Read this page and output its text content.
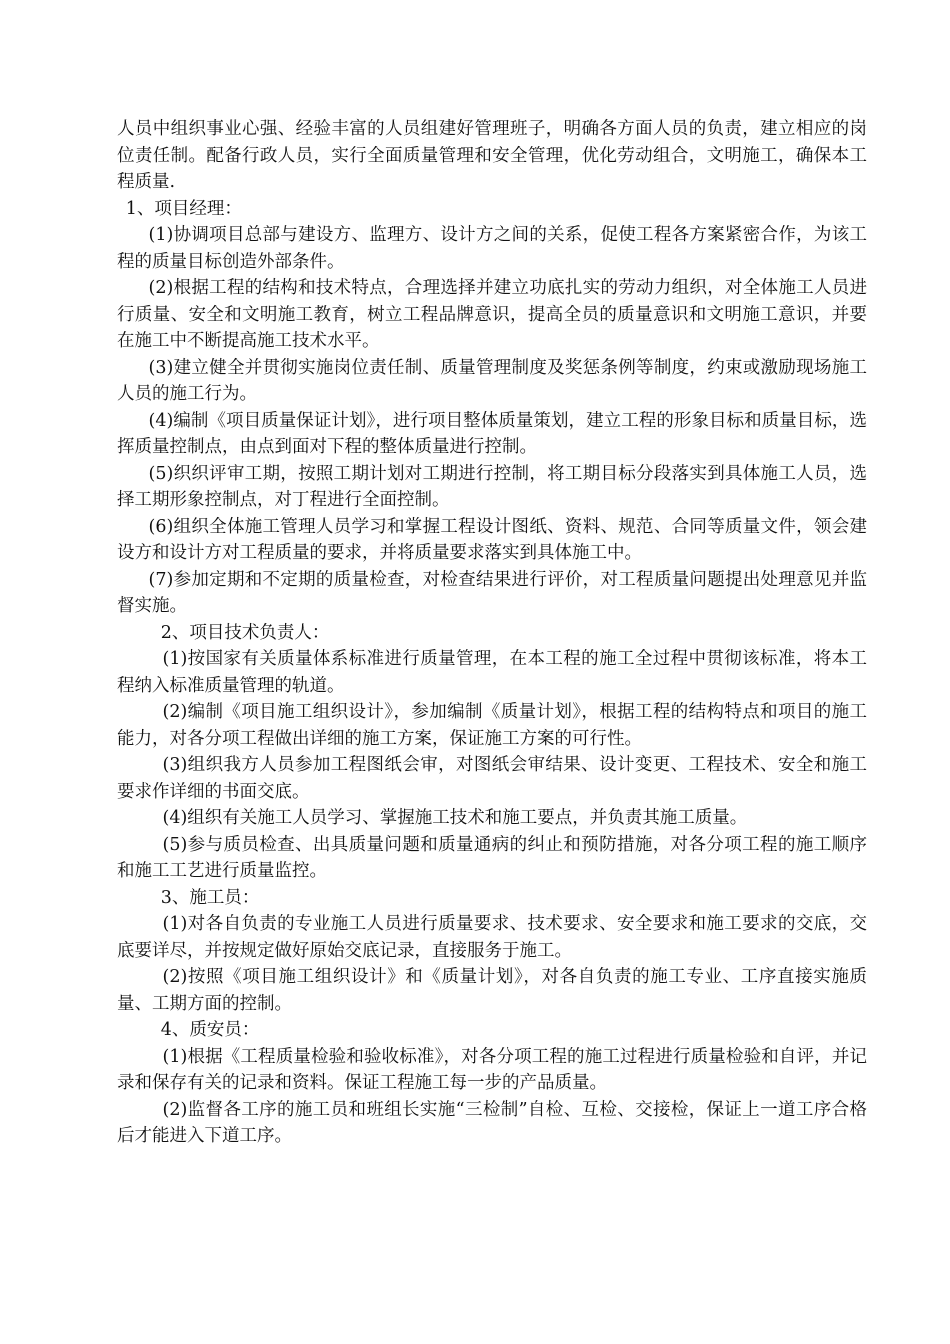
人员中组织事业心强、经验丰富的人员组建好管理班子，明确各方面人员的负责，建立相应的岗位责任制。配备行政人员，实行全面质量管理和安全管理，优化劳动组合，文明施工，确保本工程质量.

1、项目经理：

(1)协调项目总部与建设方、监理方、设计方之间的关系，促使工程各方案紧密合作，为该工程的质量目标创造外部条件。

(2)根据工程的结构和技术特点，合理选择并建立功底扎实的劳动力组织，对全体施工人员进行质量、安全和文明施工教育，树立工程品牌意识，提高全员的质量意识和文明施工意识，并要在施工中不断提高施工技术水平。

(3)建立健全并贯彻实施岗位责任制、质量管理制度及奖惩条例等制度，约束或激励现场施工人员的施工行为。

(4)编制《项目质量保证计划》，进行项目整体质量策划，建立工程的形象目标和质量目标，选挥质量控制点，由点到面对下程的整体质量进行控制。

(5)织织评审工期，按照工期计划对工期进行控制，将工期目标分段落实到具体施工人员，选择工期形象控制点，对丁程进行全面控制。

(6)组织全体施工管理人员学习和掌握工程设计图纸、资料、规范、合同等质量文件，领会建设方和设计方对工程质量的要求，并将质量要求落实到具体施工中。

(7)参加定期和不定期的质量检查，对检查结果进行评价，对工程质量问题提出处理意见并监督实施。

2、项目技术负责人：

(1)按国家有关质量体系标准进行质量管理，在本工程的施工全过程中贯彻该标准，将本工程纳入标准质量管理的轨道。

(2)编制《项目施工组织设计》，参加编制《质量计划》，根据工程的结构特点和项目的施工能力，对各分项工程做出详细的施工方案，保证施工方案的可行性。

(3)组织我方人员参加工程图纸会审，对图纸会审结果、设计变更、工程技术、安全和施工要求作详细的书面交底。

(4)组织有关施工人员学习、掌握施工技术和施工要点，并负责其施工质量。

(5)参与质员检查、出具质量问题和质量通病的纠止和预防措施，对各分项工程的施工顺序和施工工艺进行质量监控。

3、施工员：

(1)对各自负责的专业施工人员进行质量要求、技术要求、安全要求和施工要求的交底，交底要详尽，并按规定做好原始交底记录，直接服务于施工。

(2)按照《项目施工组织设计》和《质量计划》，对各自负责的施工专业、工序直接实施质量、工期方面的控制。

4、质安员：

(1)根据《工程质量检验和验收标准》，对各分项工程的施工过程进行质量检验和自评，并记录和保存有关的记录和资料。保证工程施工每一步的产品质量。

(2)监督各工序的施工员和班组长实施“三检制”自检、互检、交接检，保证上一道工序合格后才能进入下道工序。
